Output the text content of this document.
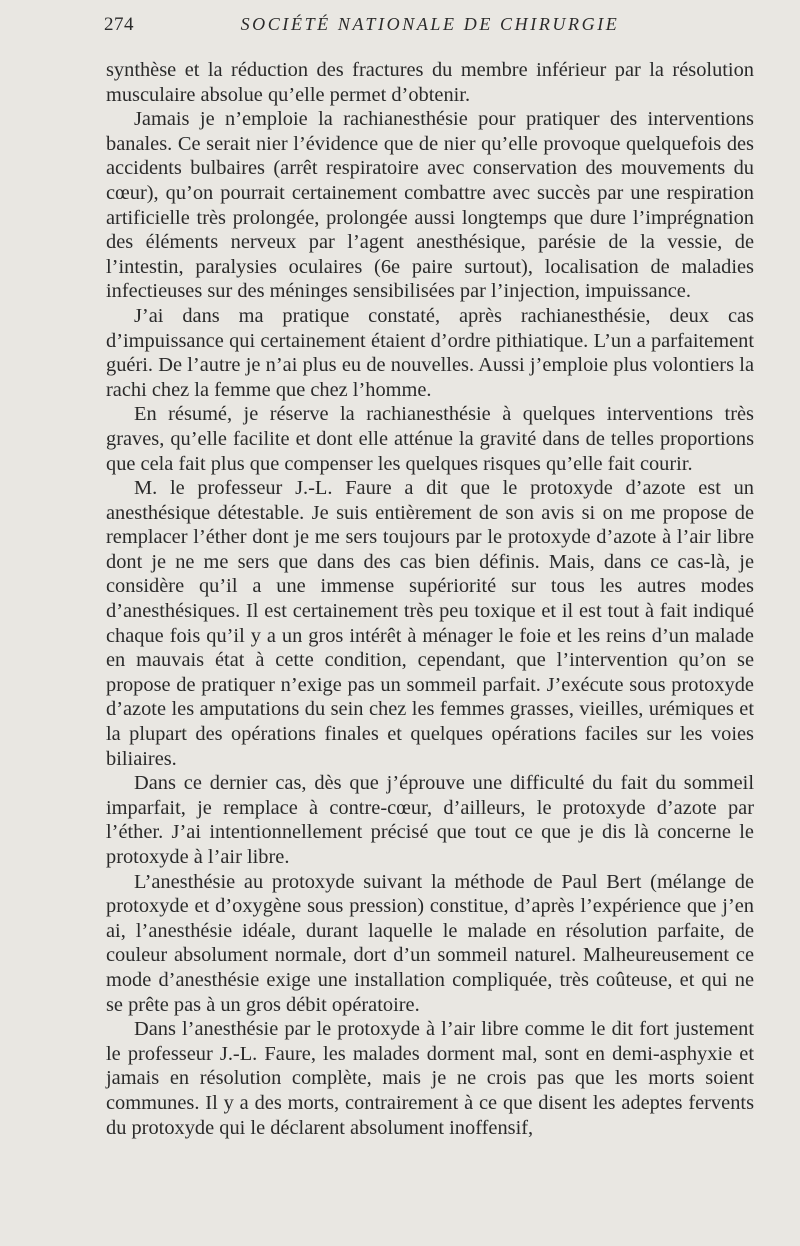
274	SOCIÉTÉ NATIONALE DE CHIRURGIE

synthèse et la réduction des fractures du membre inférieur par la résolution musculaire absolue qu’elle permet d’obtenir.

Jamais je n’emploie la rachianesthésie pour pratiquer des interventions banales. Ce serait nier l’évidence que de nier qu’elle provoque quelquefois des accidents bulbaires (arrêt respiratoire avec conservation des mouvements du cœur), qu’on pourrait certainement combattre avec succès par une respiration artificielle très prolongée, prolongée aussi longtemps que dure l’imprégnation des éléments nerveux par l’agent anesthésique, parésie de la vessie, de l’intestin, paralysies oculaires (6e paire surtout), localisation de maladies infectieuses sur des méninges sensibilisées par l’injection, impuissance.

J’ai dans ma pratique constaté, après rachianesthésie, deux cas d’impuissance qui certainement étaient d’ordre pithiatique. L’un a parfaitement guéri. De l’autre je n’ai plus eu de nouvelles. Aussi j’emploie plus volontiers la rachi chez la femme que chez l’homme.

En résumé, je réserve la rachianesthésie à quelques interventions très graves, qu’elle facilite et dont elle atténue la gravité dans de telles proportions que cela fait plus que compenser les quelques risques qu’elle fait courir.

M. le professeur J.-L. Faure a dit que le protoxyde d’azote est un anesthésique détestable. Je suis entièrement de son avis si on me propose de remplacer l’éther dont je me sers toujours par le protoxyde d’azote à l’air libre dont je ne me sers que dans des cas bien définis. Mais, dans ce cas-là, je considère qu’il a une immense supériorité sur tous les autres modes d’anesthésiques. Il est certainement très peu toxique et il est tout à fait indiqué chaque fois qu’il y a un gros intérêt à ménager le foie et les reins d’un malade en mauvais état à cette condition, cependant, que l’intervention qu’on se propose de pratiquer n’exige pas un sommeil parfait. J’exécute sous protoxyde d’azote les amputations du sein chez les femmes grasses, vieilles, urémiques et la plupart des opérations finales et quelques opérations faciles sur les voies biliaires.

Dans ce dernier cas, dès que j’éprouve une difficulté du fait du sommeil imparfait, je remplace à contre-cœur, d’ailleurs, le protoxyde d’azote par l’éther. J’ai intentionnellement précisé que tout ce que je dis là concerne le protoxyde à l’air libre.

L’anesthésie au protoxyde suivant la méthode de Paul Bert (mélange de protoxyde et d’oxygène sous pression) constitue, d’après l’expérience que j’en ai, l’anesthésie idéale, durant laquelle le malade en résolution parfaite, de couleur absolument normale, dort d’un sommeil naturel. Malheureusement ce mode d’anesthésie exige une installation compliquée, très coûteuse, et qui ne se prête pas à un gros débit opératoire.

Dans l’anesthésie par le protoxyde à l’air libre comme le dit fort justement le professeur J.-L. Faure, les malades dorment mal, sont en demi-asphyxie et jamais en résolution complète, mais je ne crois pas que les morts soient communes. Il y a des morts, contrairement à ce que disent les adeptes fervents du protoxyde qui le déclarent absolument inoffensif,
